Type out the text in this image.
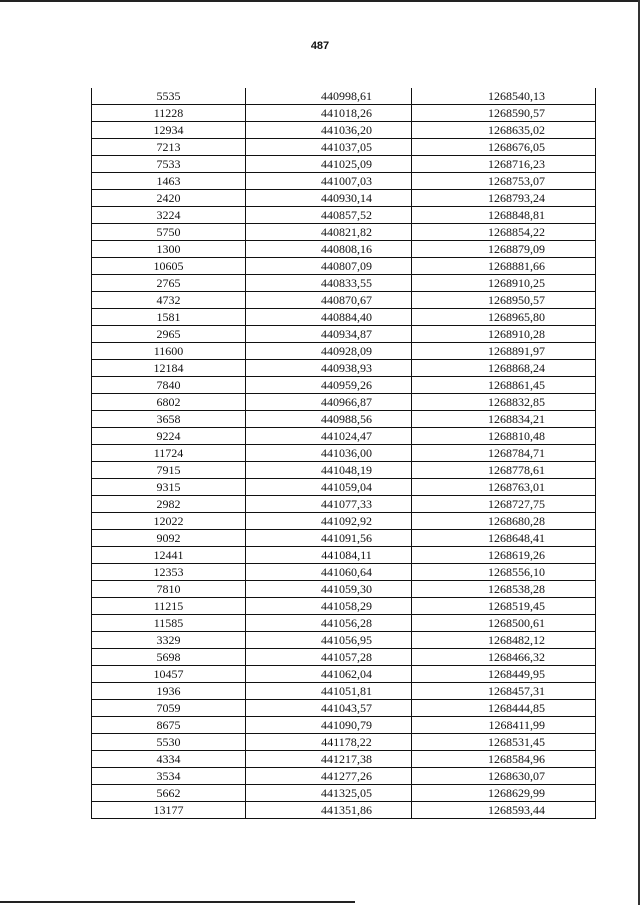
487
5535	440998,61	1268540,13
11228	441018,26	1268590,57
12934	441036,20	1268635,02
7213	441037,05	1268676,05
7533	441025,09	1268716,23
1463	441007,03	1268753,07
2420	440930,14	1268793,24
3224	440857,52	1268848,81
5750	440821,82	1268854,22
1300	440808,16	1268879,09
10605	440807,09	1268881,66
2765	440833,55	1268910,25
4732	440870,67	1268950,57
1581	440884,40	1268965,80
2965	440934,87	1268910,28
11600	440928,09	1268891,97
12184	440938,93	1268868,24
7840	440959,26	1268861,45
6802	440966,87	1268832,85
3658	440988,56	1268834,21
9224	441024,47	1268810,48
11724	441036,00	1268784,71
7915	441048,19	1268778,61
9315	441059,04	1268763,01
2982	441077,33	1268727,75
12022	441092,92	1268680,28
9092	441091,56	1268648,41
12441	441084,11	1268619,26
12353	441060,64	1268556,10
7810	441059,30	1268538,28
11215	441058,29	1268519,45
11585	441056,28	1268500,61
3329	441056,95	1268482,12
5698	441057,28	1268466,32
10457	441062,04	1268449,95
1936	441051,81	1268457,31
7059	441043,57	1268444,85
8675	441090,79	1268411,99
5530	441178,22	1268531,45
4334	441217,38	1268584,96
3534	441277,26	1268630,07
5662	441325,05	1268629,99
13177	441351,86	1268593,44
